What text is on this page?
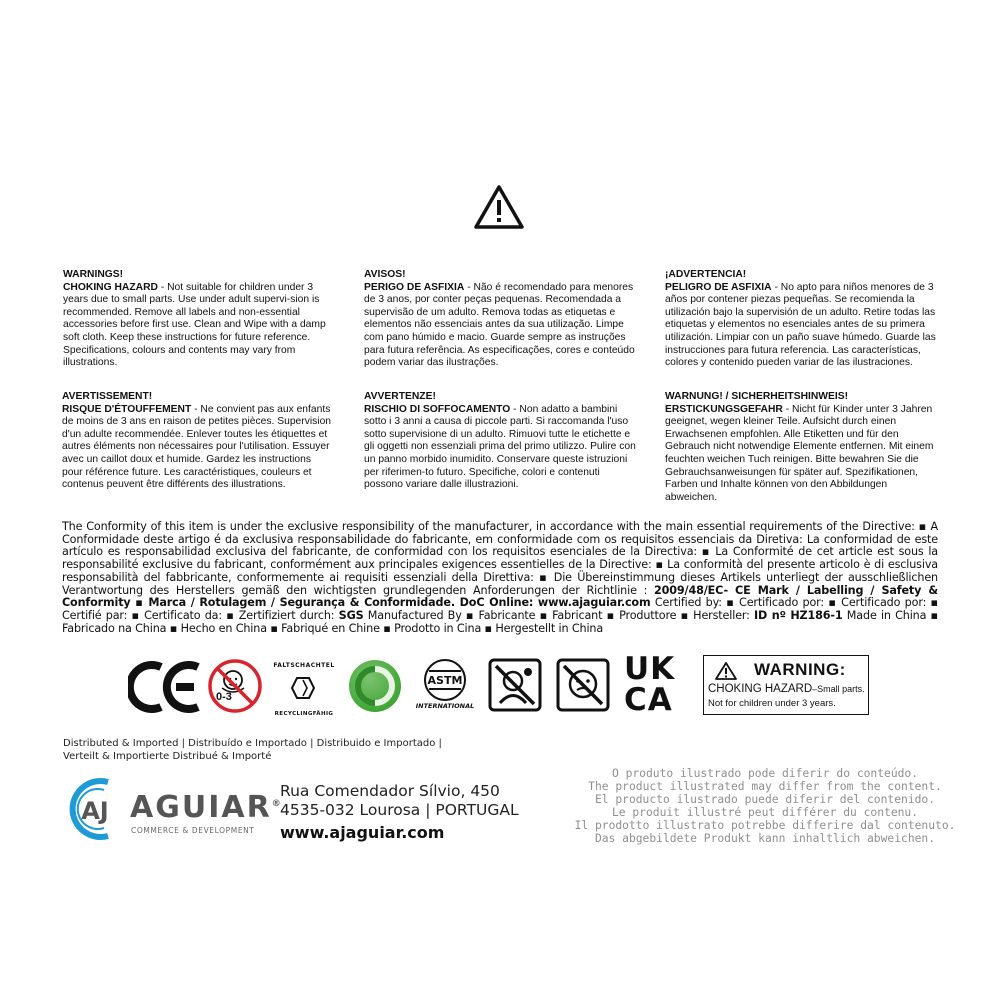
WARNINGS!
CHOKING HAZARD - Not suitable for children under 3 years due to small parts. Use under adult supervi-sion is recommended. Remove all labels and non-essential accessories before first use. Clean and Wipe with a damp soft cloth. Keep these instructions for future reference. Specifications, colours and contents may vary from illustrations.
AVISOS!
PERIGO DE ASFIXIA - Não é recomendado para menores de 3 anos, por conter peças pequenas. Recomendada a supervisão de um adulto. Remova todas as etiquetas e elementos não essenciais antes da sua utilização. Limpe com pano húmido e macio. Guarde sempre as instruções para futura referência. As especificações, cores e conteúdo podem variar das ilustrações.
¡ADVERTENCIA!
PELIGRO DE ASFIXIA - No apto para niños menores de 3 años por contener piezas pequeñas. Se recomienda la utilización bajo la supervisión de un adulto. Retire todas las etiquetas y elementos no esenciales antes de su primera utilización. Limpiar con un paño suave húmedo. Guarde las instrucciones para futura referencia. Las características, colores y contenido pueden variar de las ilustraciones.
AVERTISSEMENT!
RISQUE D'ÉTOUFFEMENT - Ne convient pas aux enfants de moins de 3 ans en raison de petites pièces. Supervision d'un adulte recommendée. Enlever toutes les étiquettes et autres éléments non nécessaires pour l'utilisation. Essuyer avec un caillot doux et humide. Gardez les instructions pour référence future. Les caractéristiques, couleurs et contenus peuvent être différents des illustrations.
AVVERTENZE!
RISCHIO DI SOFFOCAMENTO - Non adatto a bambini sotto i 3 anni a causa di piccole parti. Si raccomanda l'uso sotto supervisione di un adulto. Rimuovi tutte le etichette e gli oggetti non essenziali prima del primo utilizzo. Pulire con un panno morbido inumidito. Conservare queste istruzioni per riferimen-to futuro. Specifiche, colori e contenuti possono variare dalle illustrazioni.
WARNUNG! / SICHERHEITSHINWEIS!
ERSTICKUNGSGEFAHR - Nicht für Kinder unter 3 Jahren geeignet, wegen kleiner Teile. Aufsicht durch einen Erwachsenen empfohlen. Alle Etiketten und für den Gebrauch nicht notwendige Elemente entfernen. Mit einem feuchten weichen Tuch reinigen. Bitte bewahren Sie die Gebrauchsanweisungen für später auf. Spezifikationen, Farben und Inhalte können von den Abbildungen abweichen.
The Conformity of this item is under the exclusive responsibility of the manufacturer, in accordance with the main essential requirements of the Directive: ▪ A Conformidade deste artigo é da exclusiva responsabilidade do fabricante, em conformidade com os requisitos essenciais da Diretiva: La conformidad de este artículo es responsabilidad exclusiva del fabricante, de conformidad con los requisitos esenciales de la Directiva: ▪ La Conformité de cet article est sous la responsabilité exclusive du fabricant, conformément aux principales exigences essentielles de la Directive: ▪ La conformità del presente articolo è di esclusiva responsabilità del fabbricante, conformemente ai requisiti essenziali della Direttiva: ▪ Die Übereinstimmung dieses Artikels unterliegt der ausschließlichen Verantwortung des Herstellers gemäß den wichtigsten grundlegenden Anforderungen der Richtlinie : 2009/48/EC- CE Mark / Labelling / Safety & Conformity ▪ Marca / Rotulagem / Segurança & Conformidade. DoC Online: www.ajaguiar.com Certified by: ▪ Certificado por: ▪ Certificado por: ▪ Certifié par: ▪ Certificato da: ▪ Zertifiziert durch: SGS Manufactured By ▪ Fabricante ▪ Fabricant ▪ Produttore ▪ Hersteller: ID nº HZ186-1 Made in China ▪ Fabricado na China ▪ Hecho en China ▪ Fabriqué en Chine ▪ Prodotto in Cina ▪ Hergestellt in China
0-3
FALTSCHACHTEL
RECYCLINGFÄHIG
ASTM
INTERNATIONAL
UK
CA
WARNING:
CHOKING HAZARD–Small parts.
Not for children under 3 years.
Distributed & Imported | Distribuído e Importado | Distribuido e Importado |
Verteilt & Importierte Distribué & Importé
AJ AGUIAR®
COMMERCE & DEVELOPMENT
Rua Comendador Sílvio, 450
4535-032 Lourosa | PORTUGAL
www.ajaguiar.com
O produto ilustrado pode diferir do conteúdo.
The product illustrated may differ from the content.
El producto ilustrado puede diferir del contenido.
Le produit illustré peut différer du contenu.
Il prodotto illustrato potrebbe differire dal contenuto.
Das abgebildete Produkt kann inhaltlich abweichen.
